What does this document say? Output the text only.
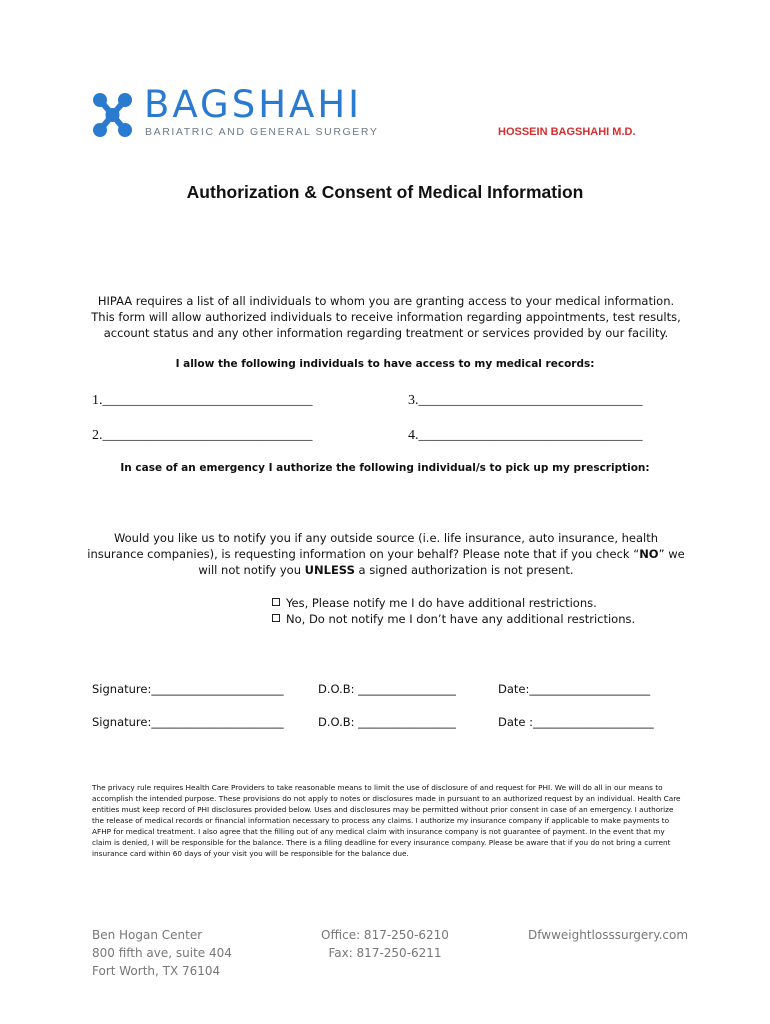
BAGSHAHI
BARIATRIC AND GENERAL SURGERY	HOSSEIN BAGSHAHI M.D.
Authorization & Consent of Medical Information
HIPAA requires a list of all individuals to whom you are granting access to your medical information. This form will allow authorized individuals to receive information regarding appointments, test results, account status and any other information regarding treatment or services provided by our facility.
I allow the following individuals to have access to my medical records:
1.______________________________
2.______________________________
3.________________________________
4.________________________________
In case of an emergency I authorize the following individual/s to pick up my prescription:
Would you like us to notify you if any outside source (i.e. life insurance, auto insurance, health insurance companies), is requesting information on your behalf? Please note that if you check “NO” we will not notify you UNLESS a signed authorization is not present.
Yes, Please notify me I do have additional restrictions.
No, Do not notify me I don’t have any additional restrictions.
Signature:_______________________	D.O.B: _________________	Date:_____________________
Signature:_______________________	D.O.B: _________________	Date :_____________________
The privacy rule requires Health Care Providers to take reasonable means to limit the use of disclosure of and request for PHI. We will do all in our means to accomplish the intended purpose. These provisions do not apply to notes or disclosures made in pursuant to an authorized request by an individual. Health Care entities must keep record of PHI disclosures provided below. Uses and disclosures may be permitted without prior consent in case of an emergency. I authorize the release of medical records or financial information necessary to process any claims. I authorize my insurance company if applicable to make payments to AFHP for medical treatment. I also agree that the filling out of any medical claim with insurance company is not guarantee of payment. In the event that my claim is denied, I will be responsible for the balance. There is a filing deadline for every insurance company. Please be aware that if you do not bring a current insurance card within 60 days of your visit you will be responsible for the balance due.
Ben Hogan Center
800 fifth ave, suite 404
Fort Worth, TX 76104
Office: 817-250-6210
Fax: 817-250-6211
Dfwweightlosssurgery.com
